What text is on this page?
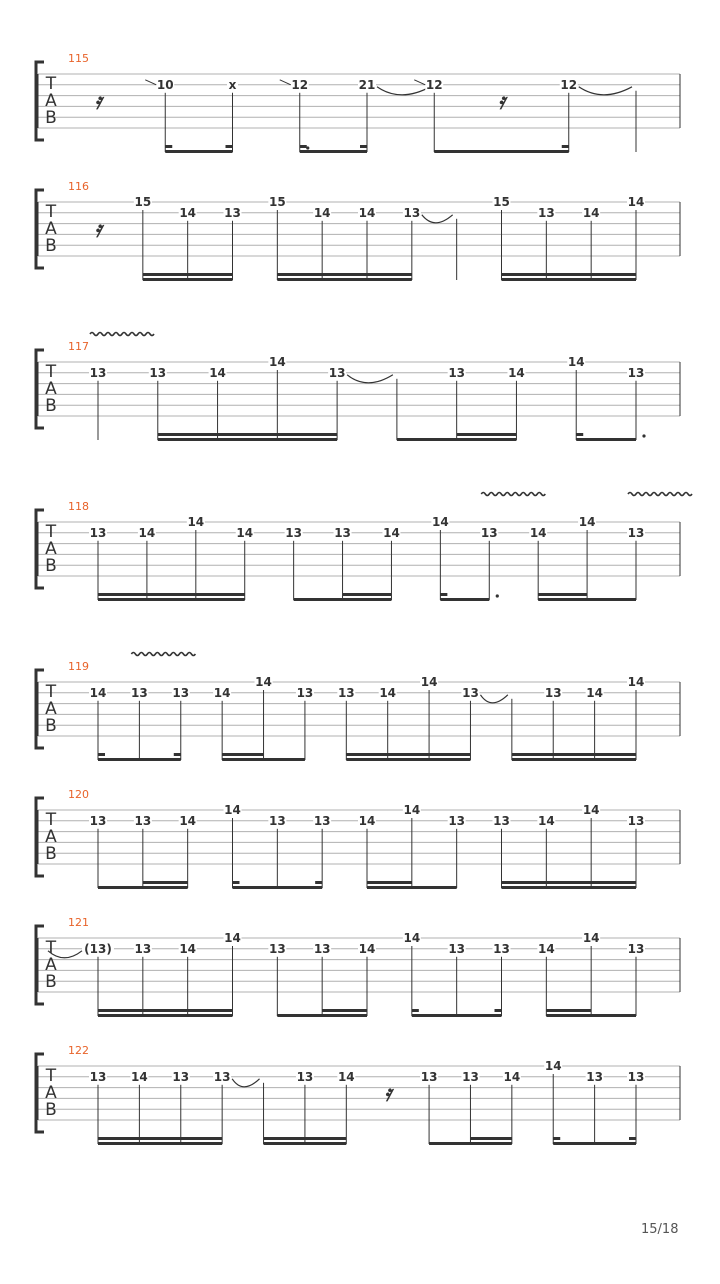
115
T
A
B
𝄿
10	x	12	21	12
𝄿
12
116
T
A
B
𝄿
15
14 13
15
14 14 13
15
13 14
14
117
T
A
B
13	13	14
14
13	13	14
14
13
118
T
A
B
13	14
14
14	13	13	14
14
13	14
14
13
119
T
A
B
14 13 13 14
14
13 13 14
14
13	13 14
14
120
T
A
B
13 13 14
14
13 13 14
14
13 13 14
14
13
121
T
A
B
(13) 13 14
14
13 13 14
14
13 13 14
14
13
122
T
A
B
13 14 13 13	13 14
𝄿
13 13 14
14
13 13
15/18
